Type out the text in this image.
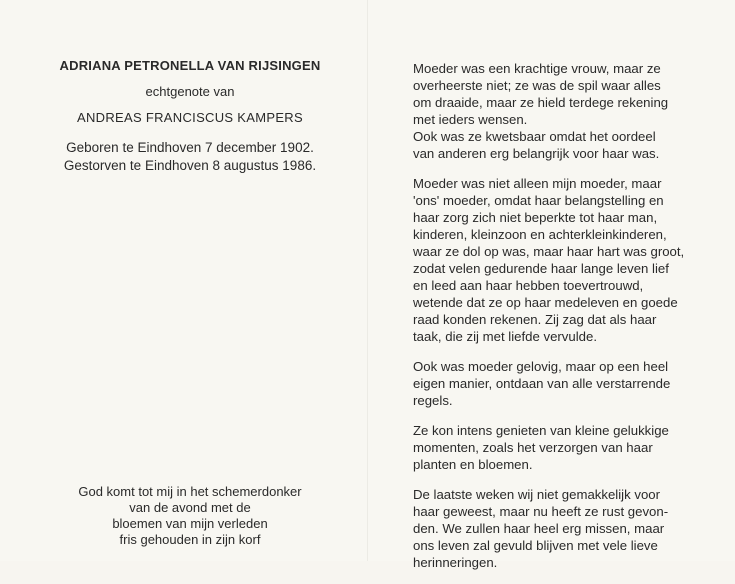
ADRIANA PETRONELLA VAN RIJSINGEN

echtgenote van

ANDREAS FRANCISCUS KAMPERS

Geboren te Eindhoven 7 december 1902.
Gestorven te Eindhoven 8 augustus 1986.
God komt tot mij in het schemerdonker
van de avond met de
bloemen van mijn verleden
fris gehouden in zijn korf

Moeder was een krachtige vrouw, maar ze
overheerste niet; ze was de spil waar alles
om draaide, maar ze hield terdege rekening
met ieders wensen.
Ook was ze kwetsbaar omdat het oordeel
van anderen erg belangrijk voor haar was.

Moeder was niet alleen mijn moeder, maar
'ons' moeder, omdat haar belangstelling en
haar zorg zich niet beperkte tot haar man,
kinderen, kleinzoon en achterkleinkinderen,
waar ze dol op was, maar haar hart was groot,
zodat velen gedurende haar lange leven lief
en leed aan haar hebben toevertrouwd,
wetende dat ze op haar medeleven en goede
raad konden rekenen. Zij zag dat als haar
taak, die zij met liefde vervulde.

Ook was moeder gelovig, maar op een heel
eigen manier, ontdaan van alle verstarrende
regels.

Ze kon intens genieten van kleine gelukkige
momenten, zoals het verzorgen van haar
planten en bloemen.

De laatste weken wij niet gemakkelijk voor
haar geweest, maar nu heeft ze rust gevon-
den. We zullen haar heel erg missen, maar
ons leven zal gevuld blijven met vele lieve
herinneringen.
